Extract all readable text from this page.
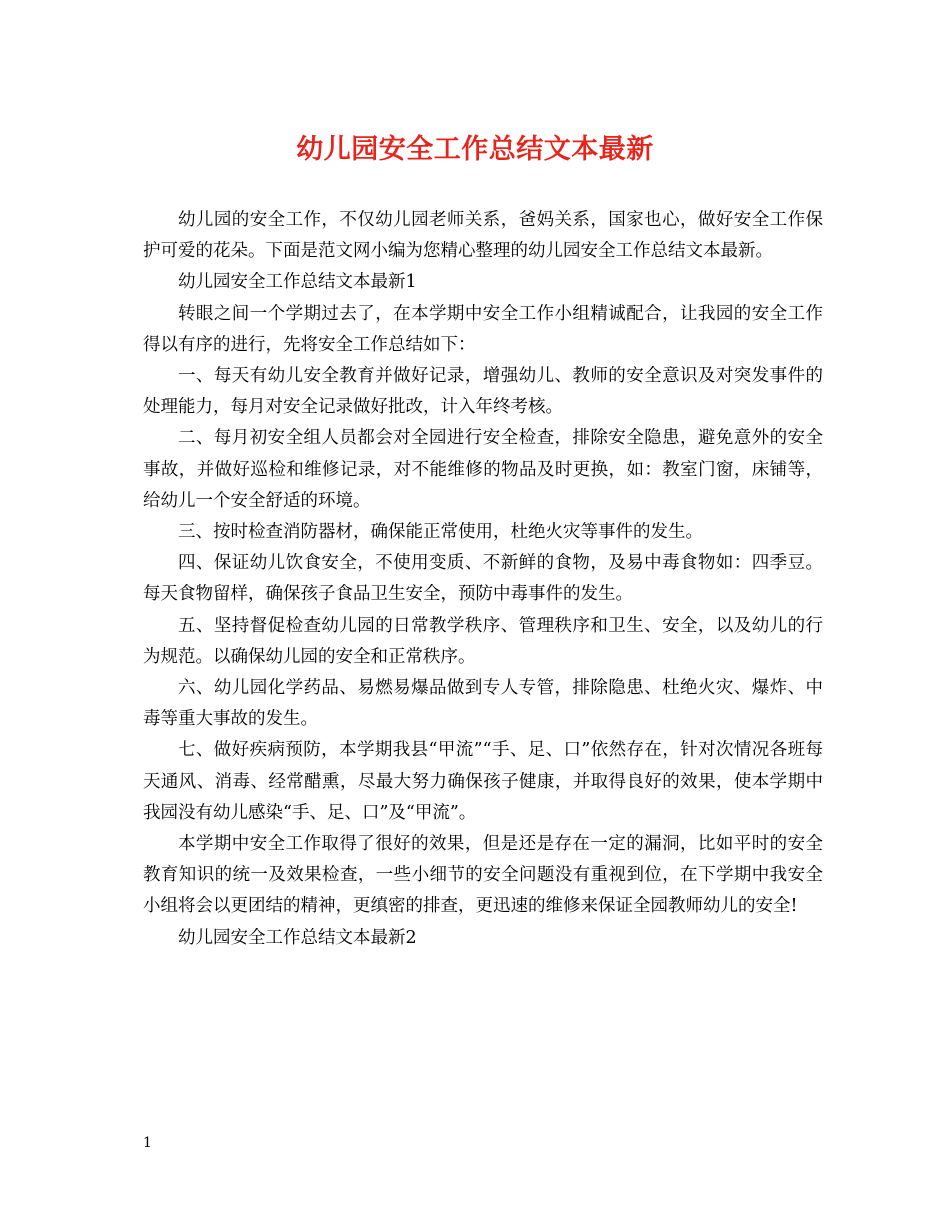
幼儿园安全工作总结文本最新

幼儿园的安全工作，不仅幼儿园老师关系，爸妈关系，国家也心，做好安全工作保护可爱的花朵。下面是范文网小编为您精心整理的幼儿园安全工作总结文本最新。

幼儿园安全工作总结文本最新1

转眼之间一个学期过去了，在本学期中安全工作小组精诚配合，让我园的安全工作得以有序的进行，先将安全工作总结如下：

一、每天有幼儿安全教育并做好记录，增强幼儿、教师的安全意识及对突发事件的处理能力，每月对安全记录做好批改，计入年终考核。

二、每月初安全组人员都会对全园进行安全检查，排除安全隐患，避免意外的安全事故，并做好巡检和维修记录，对不能维修的物品及时更换，如：教室门窗，床铺等，给幼儿一个安全舒适的环境。

三、按时检查消防器材，确保能正常使用，杜绝火灾等事件的发生。

四、保证幼儿饮食安全，不使用变质、不新鲜的食物，及易中毒食物如：四季豆。每天食物留样，确保孩子食品卫生安全，预防中毒事件的发生。

五、坚持督促检查幼儿园的日常教学秩序、管理秩序和卫生、安全，以及幼儿的行为规范。以确保幼儿园的安全和正常秩序。

六、幼儿园化学药品、易燃易爆品做到专人专管，排除隐患、杜绝火灾、爆炸、中毒等重大事故的发生。

七、做好疾病预防，本学期我县“甲流”“手、足、口”依然存在，针对次情况各班每天通风、消毒、经常醋熏，尽最大努力确保孩子健康，并取得良好的效果，使本学期中我园没有幼儿感染“手、足、口”及“甲流”。

本学期中安全工作取得了很好的效果，但是还是存在一定的漏洞，比如平时的安全教育知识的统一及效果检查，一些小细节的安全问题没有重视到位，在下学期中我安全小组将会以更团结的精神，更缜密的排查，更迅速的维修来保证全园教师幼儿的安全!

幼儿园安全工作总结文本最新2

1
